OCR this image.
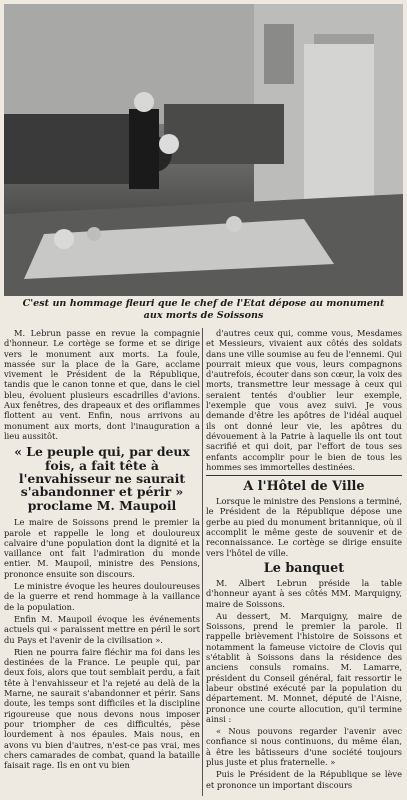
C'est un hommage fleuri que le chef de l'Etat dépose au monument
aux morts de Soissons

M. Lebrun passe en revue la compagnie d'honneur. Le cortège se forme et se dirige vers le monument aux morts. La foule, massée sur la place de la Gare, acclame vivement le Président de la République, tandis que le canon tonne et que, dans le ciel bleu, évoluent plusieurs escadrilles d'avions. Aux fenêtres, des drapeaux et des oriflammes flottent au vent. Enfin, nous arrivons au monument aux morts, dont l'inauguration a lieu aussitôt.

« Le peuple qui, par deux fois, a fait tête à l'envahisseur ne saurait s'abandonner et périr » proclame M. Maupoil

Le maire de Soissons prend le premier la parole et rappelle le long et douloureux calvaire d'une population dont la dignité et la vaillance ont fait l'admiration du monde entier. M. Maupoil, ministre des Pensions, prononce ensuite son discours.

Le ministre évoque les heures douloureuses de la guerre et rend hommage à la vaillance de la population.

Enfin M. Maupoil évoque les événements actuels qui « paraissent mettre en péril le sort du Pays et l'avenir de la civilisation ».

Rien ne pourra faire fléchir ma foi dans les destinées de la France. Le peuple qui, par deux fois, alors que tout semblait perdu, a fait tête à l'envahisseur et l'a rejeté au delà de la Marne, ne saurait s'abandonner et périr. Sans doute, les temps sont difficiles et la discipline rigoureuse que nous devons nous imposer pour triompher de ces difficultés, pèse lourdement à nos épaules. Mais nous, en avons vu bien d'autres, n'est-ce pas vrai, mes chers camarades de combat, quand la bataille faisait rage. Ils en ont vu bien

d'autres ceux qui, comme vous, Mesdames et Messieurs, vivaient aux côtés des soldats dans une ville soumise au feu de l'ennemi. Qui pourrait mieux que vous, leurs compagnons d'autrefois, écouter dans son cœur, la voix des morts, transmettre leur message à ceux qui seraient tentés d'oublier leur exemple, l'exemple que vous avez suivi. Je vous demande d'être les apôtres de l'idéal auquel ils ont donné leur vie, les apôtres du dévouement à la Patrie à laquelle ils ont tout sacrifié et qui doit, par l'effort de tous ses enfants accomplir pour le bien de tous les hommes ses immortelles destinées.

A l'Hôtel de Ville

Lorsque le ministre des Pensions a terminé, le Président de la République dépose une gerbe au pied du monument britannique, où il accomplit le même geste de souvenir et de reconnaissance. Le cortège se dirige ensuite vers l'hôtel de ville.

Le banquet

M. Albert Lebrun préside la table d'honneur ayant à ses côtés MM. Marquigny, maire de Soissons.

Au dessert, M. Marquigny, maire de Soissons, prend le premier la parole. Il rappelle brièvement l'histoire de Soissons et notamment la fameuse victoire de Clovis qui s'établit à Soissons dans la résidence des anciens consuls romains. M. Lamarre, président du Conseil général, fait ressortir le labeur obstiné exécuté par la population du département. M. Monnet, député de l'Aisne, prononce une courte allocution, qu'il termine ainsi :

« Nous pouvons regarder l'avenir avec confiance si nous continuons, du même élan, à être les bâtisseurs d'une société toujours plus juste et plus fraternelle. »

Puis le Président de la République se lève et prononce un important discours
